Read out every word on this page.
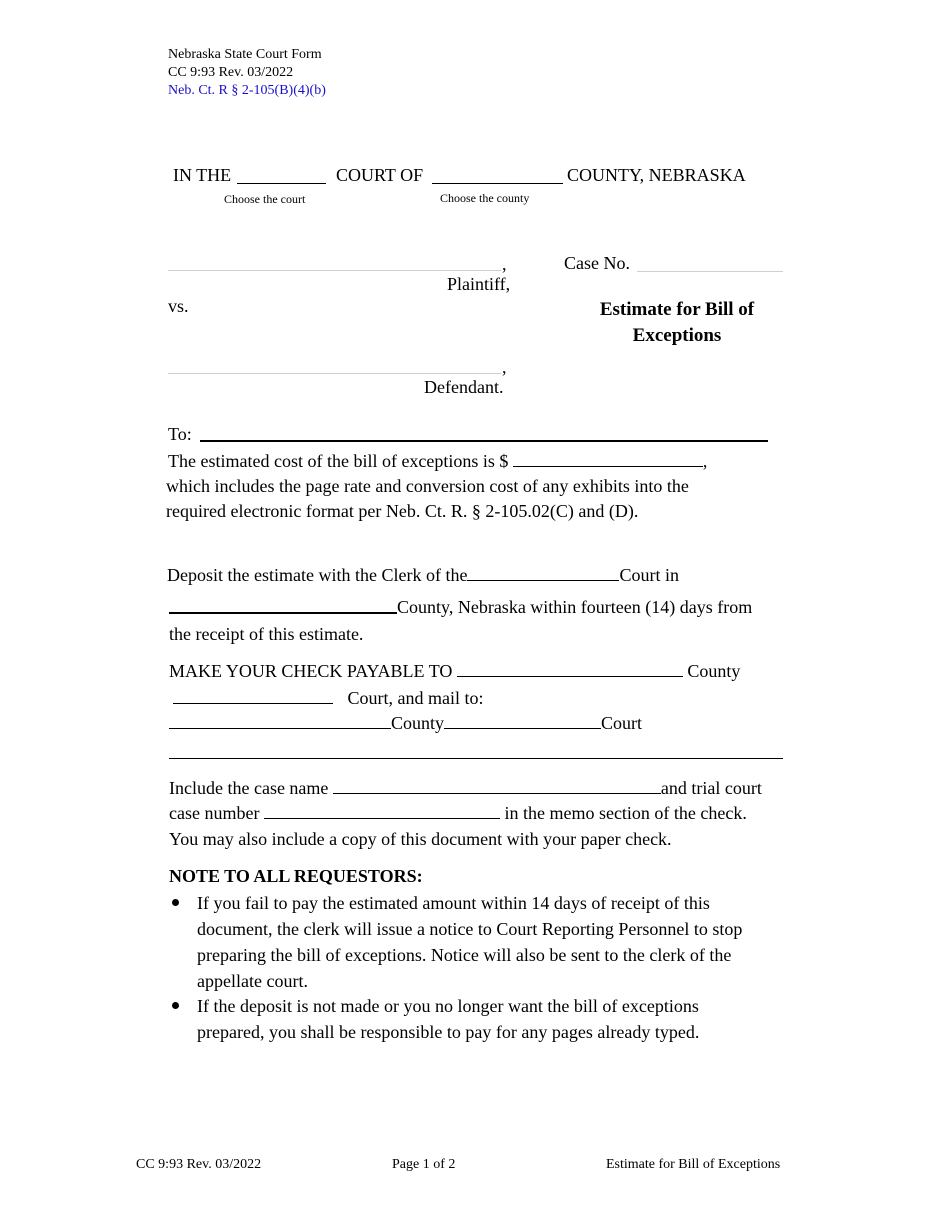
Nebraska State Court Form
CC 9:93 Rev. 03/2022
Neb. Ct. R § 2-105(B)(4)(b)
IN THE	COURT OF	COUNTY, NEBRASKA
Choose the court	Choose the county
,
Plaintiff,
Case No.
vs.	Estimate for Bill of
Exceptions
,
Defendant.
To:
The estimated cost of the bill of exceptions is $	,
which includes the page rate and conversion cost of any exhibits into the
required electronic format per Neb. Ct. R. § 2-105.02(C) and (D).
Deposit the estimate with the Clerk of the	Court in
County, Nebraska within fourteen (14) days from
the receipt of this estimate.
MAKE YOUR CHECK PAYABLE TO	County
Court, and mail to:
County	Court
Include the case name	and trial court
case number	in the memo section of the check.
You may also include a copy of this document with your paper check.
NOTE TO ALL REQUESTORS:
If you fail to pay the estimated amount within 14 days of receipt of this
document, the clerk will issue a notice to Court Reporting Personnel to stop
preparing the bill of exceptions. Notice will also be sent to the clerk of the
appellate court.
If the deposit is not made or you no longer want the bill of exceptions
prepared, you shall be responsible to pay for any pages already typed.
CC 9:93 Rev. 03/2022	Page 1 of 2	Estimate for Bill of Exceptions
